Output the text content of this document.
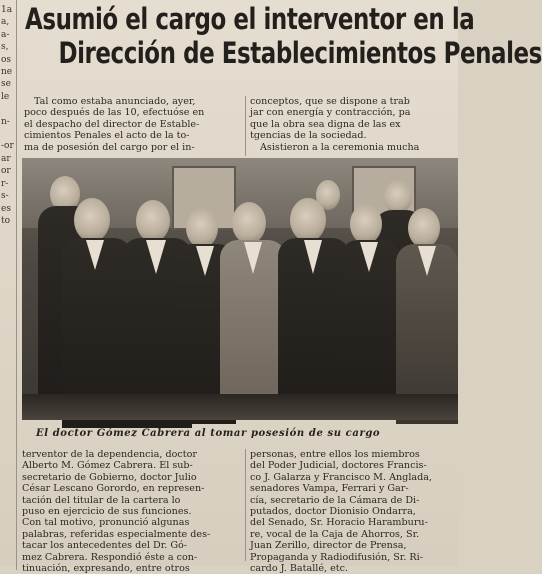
1a
a,
a-
s,
os
ne
se
le

n-

-or
ar
or
r-
s-
es
to

Asumió el cargo el interventor en la
Dirección de Establecimientos Penales
Tal como estaba anunciado, ayer,
poco después de las 10, efectuóse en
el despacho del director de Estable-
cimientos Penales el acto de la to-
ma de posesión del cargo por el in-
conceptos, que se dispone a trab
jar con energía y contracción, pa
que la obra sea digna de las ex
tgencias de la sociedad.
Asistieron a la ceremonia mucha
El doctor Gómez Cabrera al tomar posesión de su cargo
terventor de la dependencia, doctor
Alberto M. Gómez Cabrera. El sub-
secretario de Gobierno, doctor Julio
César Lescano Gorordo, en represen-
tación del titular de la cartera lo
puso en ejercicio de sus funciones.
Con tal motivo, pronunció algunas
palabras, referidas especialmente des-
tacar los antecedentes del Dr. Gó-
mez Cabrera. Respondió éste a con-
tinuación, expresando, entre otros
personas, entre ellos los miembros
del Poder Judicial, doctores Francis-
co J. Galarza y Francisco M. Anglada,
senadores Vampa, Ferrari y Gar-
cía, secretario de la Cámara de Di-
putados, doctor Dionisio Ondarra,
del Senado, Sr. Horacio Haramburu-
re, vocal de la Caja de Ahorros, Sr.
Juan Zerillo, director de Prensa,
Propaganda y Radiodifusión, Sr. Ri-
cardo J. Batallé, etc.
